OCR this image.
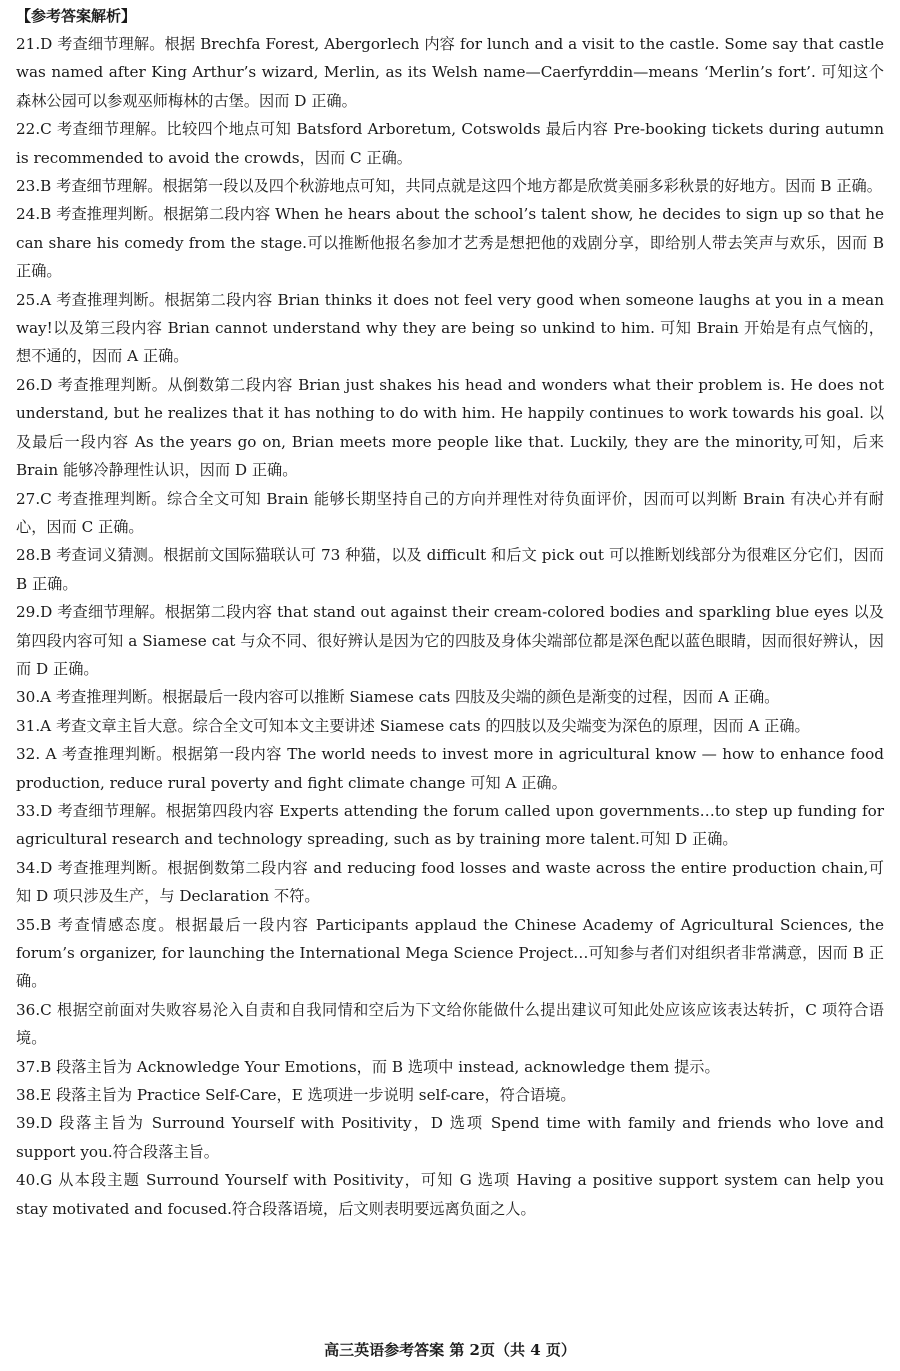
【参考答案解析】

21.D 考查细节理解。根据 Brechfa Forest, Abergorlech 内容 for lunch and a visit to the castle. Some say that castle was named after King Arthur’s wizard, Merlin, as its Welsh name—Caerfyrddin—means ‘Merlin’s fort’. 可知这个森林公园可以参观巫师梅林的古堡。因而 D 正确。

22.C 考查细节理解。比较四个地点可知 Batsford Arboretum, Cotswolds 最后内容 Pre-booking tickets during autumn is recommended to avoid the crowds，因而 C 正确。

23.B 考查细节理解。根据第一段以及四个秋游地点可知，共同点就是这四个地方都是欣赏美丽多彩秋景的好地方。因而 B 正确。

24.B 考查推理判断。根据第二段内容 When he hears about the school’s talent show, he decides to sign up so that he can share his comedy from the stage.可以推断他报名参加才艺秀是想把他的戏剧分享，即给别人带去笑声与欢乐，因而 B 正确。

25.A 考查推理判断。根据第二段内容 Brian thinks it does not feel very good when someone laughs at you in a mean way!以及第三段内容 Brian cannot understand why they are being so unkind to him. 可知 Brain 开始是有点气恼的，想不通的，因而 A 正确。

26.D 考查推理判断。从倒数第二段内容 Brian just shakes his head and wonders what their problem is. He does not understand, but he realizes that it has nothing to do with him. He happily continues to work towards his goal. 以及最后一段内容 As the years go on, Brian meets more people like that. Luckily, they are the minority,可知，后来 Brain 能够冷静理性认识，因而 D 正确。

27.C 考查推理判断。综合全文可知 Brain 能够长期坚持自己的方向并理性对待负面评价，因而可以判断 Brain 有决心并有耐心，因而 C 正确。

28.B 考查词义猜测。根据前文国际猫联认可 73 种猫，以及 difficult 和后文 pick out 可以推断划线部分为很难区分它们，因而 B 正确。

29.D 考查细节理解。根据第二段内容 that stand out against their cream-colored bodies and sparkling blue eyes 以及第四段内容可知 a Siamese cat 与众不同、很好辨认是因为它的四肢及身体尖端部位都是深色配以蓝色眼睛，因而很好辨认，因而 D 正确。

30.A 考查推理判断。根据最后一段内容可以推断 Siamese cats 四肢及尖端的颜色是渐变的过程，因而 A 正确。

31.A 考查文章主旨大意。综合全文可知本文主要讲述 Siamese cats 的四肢以及尖端变为深色的原理，因而 A 正确。

32. A 考查推理判断。根据第一段内容 The world needs to invest more in agricultural know — how to enhance food production, reduce rural poverty and fight climate change 可知 A 正确。

33.D 考查细节理解。根据第四段内容 Experts attending the forum called upon governments…to step up funding for agricultural research and technology spreading, such as by training more talent.可知 D 正确。

34.D 考查推理判断。根据倒数第二段内容 and reducing food losses and waste across the entire production chain,可知 D 项只涉及生产，与 Declaration 不符。

35.B 考查情感态度。根据最后一段内容 Participants applaud the Chinese Academy of Agricultural Sciences, the forum’s organizer, for launching the International Mega Science Project…可知参与者们对组织者非常满意，因而 B 正确。

36.C 根据空前面对失败容易沦入自责和自我同情和空后为下文给你能做什么提出建议可知此处应该应该表达转折，C 项符合语境。

37.B 段落主旨为 Acknowledge Your Emotions，而 B 选项中 instead, acknowledge them 提示。

38.E 段落主旨为 Practice Self-Care，E 选项进一步说明 self-care，符合语境。

39.D 段落主旨为 Surround Yourself with Positivity，D 选项 Spend time with family and friends who love and support you.符合段落主旨。

40.G 从本段主题 Surround Yourself with Positivity，可知 G 选项 Having a positive support system can help you stay motivated and focused.符合段落语境，后文则表明要远离负面之人。

高三英语参考答案 第 2页（共 4 页）
